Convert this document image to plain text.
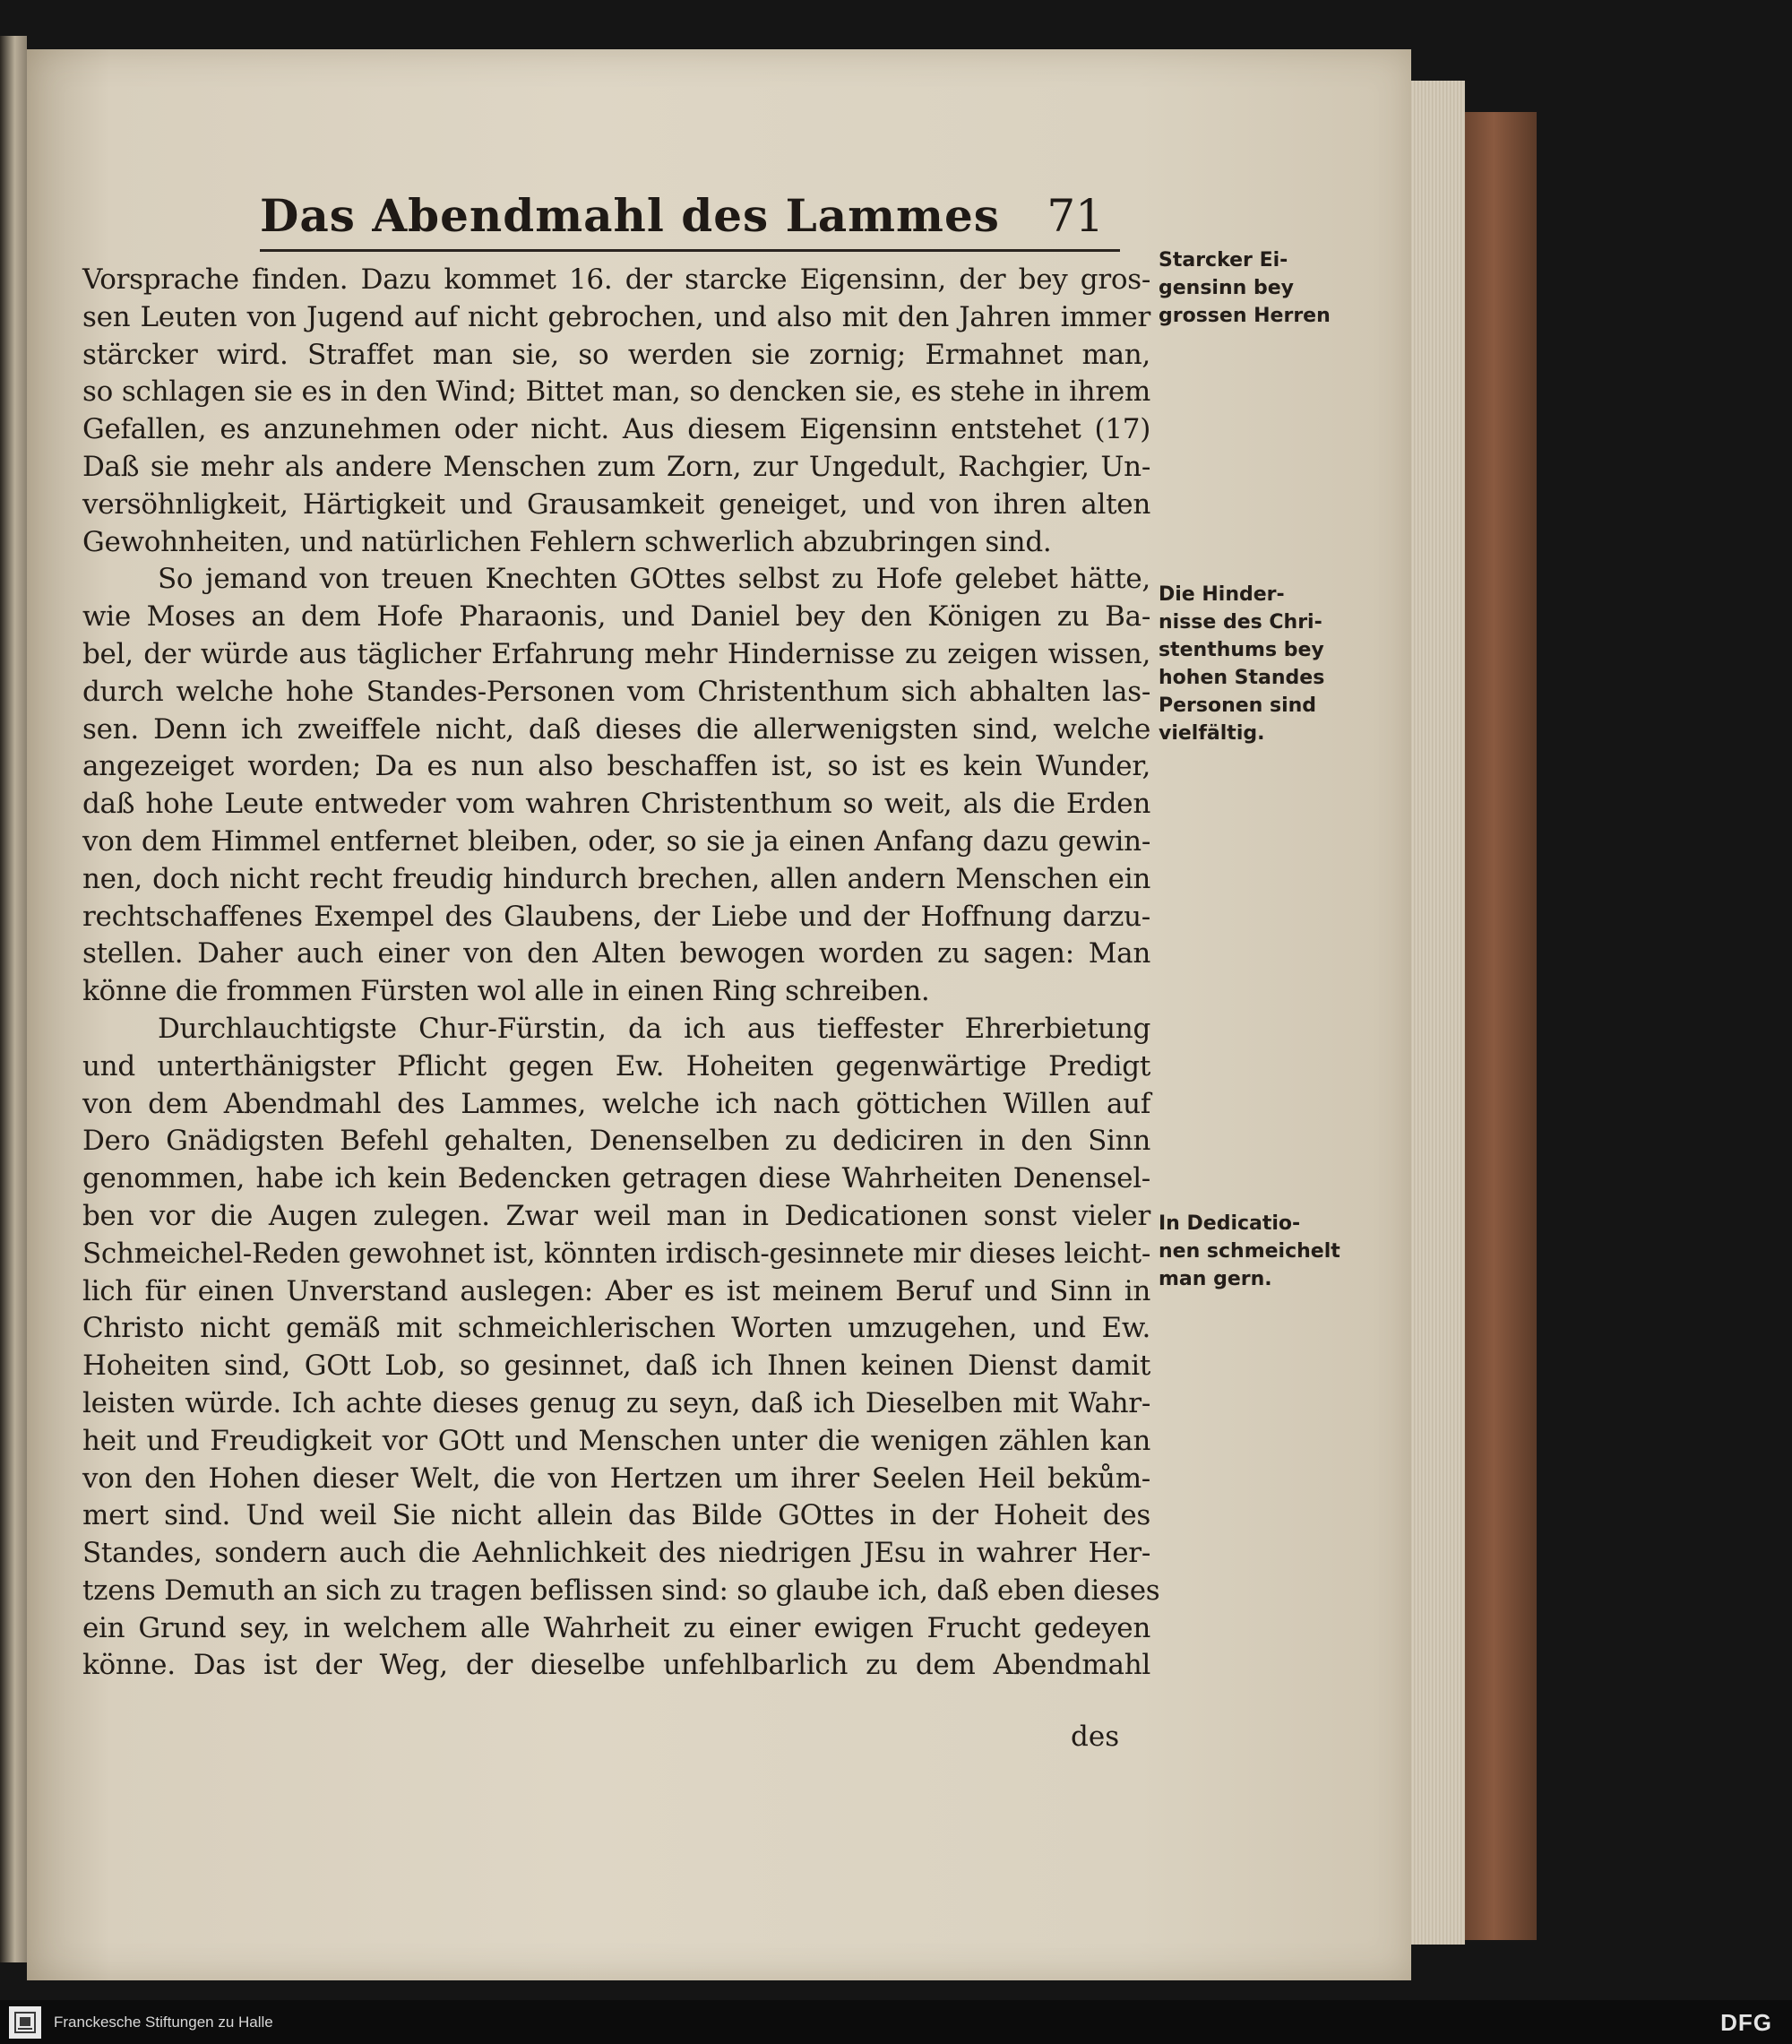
Das Abendmahl des Lammes 71
Vorsprache finden. Dazu kommet 16. der starcke Eigensinn, der bey gros-
sen Leuten von Jugend auf nicht gebrochen, und also mit den Jahren immer
stärcker wird. Straffet man sie, so werden sie zornig; Ermahnet man,
so schlagen sie es in den Wind; Bittet man, so dencken sie, es stehe in ihrem
Gefallen, es anzunehmen oder nicht. Aus diesem Eigensinn entstehet (17)
Daß sie mehr als andere Menschen zum Zorn, zur Ungedult, Rachgier, Un-
versöhnligkeit, Härtigkeit und Grausamkeit geneiget, und von ihren alten
Gewohnheiten, und natürlichen Fehlern schwerlich abzubringen sind.
So jemand von treuen Knechten GOttes selbst zu Hofe gelebet hätte,
wie Moses an dem Hofe Pharaonis, und Daniel bey den Königen zu Ba-
bel, der würde aus täglicher Erfahrung mehr Hindernisse zu zeigen wissen,
durch welche hohe Standes-Personen vom Christenthum sich abhalten las-
sen. Denn ich zweiffele nicht, daß dieses die allerwenigsten sind, welche
angezeiget worden; Da es nun also beschaffen ist, so ist es kein Wunder,
daß hohe Leute entweder vom wahren Christenthum so weit, als die Erden
von dem Himmel entfernet bleiben, oder, so sie ja einen Anfang dazu gewin-
nen, doch nicht recht freudig hindurch brechen, allen andern Menschen ein
rechtschaffenes Exempel des Glaubens, der Liebe und der Hoffnung darzu-
stellen. Daher auch einer von den Alten bewogen worden zu sagen: Man
könne die frommen Fürsten wol alle in einen Ring schreiben.
Durchlauchtigste Chur-Fürstin, da ich aus tieffester Ehrerbietung
und unterthänigster Pflicht gegen Ew. Hoheiten gegenwärtige Predigt
von dem Abendmahl des Lammes, welche ich nach göttichen Willen auf
Dero Gnädigsten Befehl gehalten, Denenselben zu dediciren in den Sinn
genommen, habe ich kein Bedencken getragen diese Wahrheiten Denensel-
ben vor die Augen zulegen. Zwar weil man in Dedicationen sonst vieler
Schmeichel-Reden gewohnet ist, könnten irdisch-gesinnete mir dieses leicht-
lich für einen Unverstand auslegen: Aber es ist meinem Beruf und Sinn in
Christo nicht gemäß mit schmeichlerischen Worten umzugehen, und Ew.
Hoheiten sind, GOtt Lob, so gesinnet, daß ich Ihnen keinen Dienst damit
leisten würde. Ich achte dieses genug zu seyn, daß ich Dieselben mit Wahr-
heit und Freudigkeit vor GOtt und Menschen unter die wenigen zählen kan
von den Hohen dieser Welt, die von Hertzen um ihrer Seelen Heil bekům-
mert sind. Und weil Sie nicht allein das Bilde GOttes in der Hoheit des
Standes, sondern auch die Aehnlichkeit des niedrigen JEsu in wahrer Her-
tzens Demuth an sich zu tragen beflissen sind: so glaube ich, daß eben dieses
ein Grund sey, in welchem alle Wahrheit zu einer ewigen Frucht gedeyen
könne. Das ist der Weg, der dieselbe unfehlbarlich zu dem Abendmahl
des
Starcker Ei-
gensinn bey
grossen Herren
Die Hinder-
nisse des Chri-
stenthums bey
hohen Standes
Personen sind
vielfältig.
In Dedicatio-
nen schmeichelt
man gern.
Franckesche Stiftungen zu Halle	DFG
